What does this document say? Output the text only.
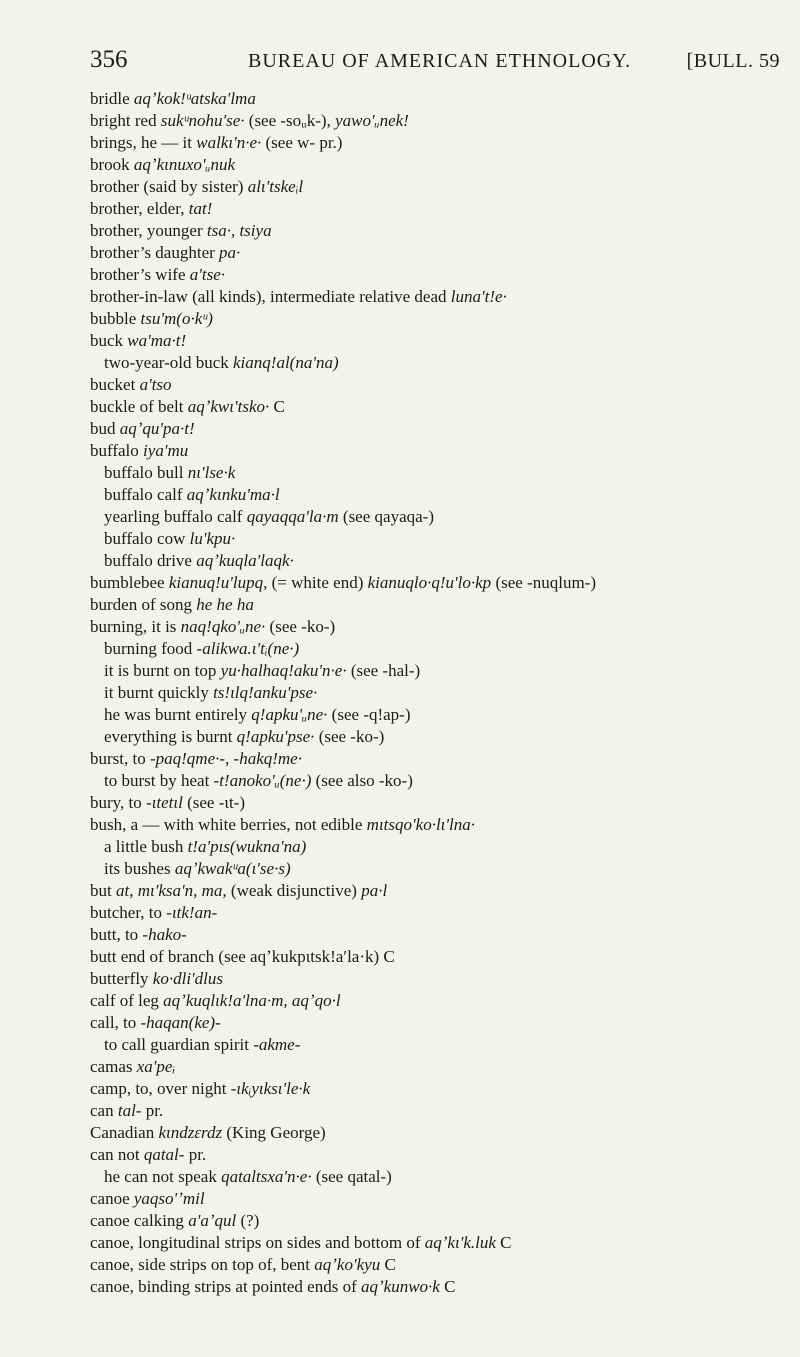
356	BUREAU OF AMERICAN ETHNOLOGY.	[BULL. 59
bridle aqʼkok!ᵘatskaʹlma
bright red sukᵘnohuʹse· (see -soᵤk-), yawoʹᵤnek!
brings, he — it walkɩʹn·e· (see w- pr.)
brook aqʼkɩnuxoʹᵤnuk
brother (said by sister) alɩʹtskeᵢl
brother, elder, tat!
brother, younger tsa·, tsiya
brother’s daughter pa·
brother’s wife aʹtse·
brother-in-law (all kinds), intermediate relative dead lunaʹt!e·
bubble tsuʹm(o·kᵘ)
buck waʹma·t!
two-year-old buck kianq!al(naʹna)
bucket aʹtso
buckle of belt aqʼkwɩʹtsko· C
bud aqʼquʹpa·t!
buffalo iyaʹmu
buffalo bull nɩʹlse·k
buffalo calf aqʼkɩnkuʹma·l
yearling buffalo calf qayaqqaʹla·m (see qayaqa-)
buffalo cow luʹkpu·
buffalo drive aqʼkuqlaʹlaqk·
bumblebee kianuq!uʹlupq, (= white end) kianuqlo·q!uʹlo·kp (see -nuqlum-)
burden of song he he ha
burning, it is naq!qkoʹᵤne· (see -ko-)
burning food -alikwa.ɩʹtᵢ(ne·)
it is burnt on top yu·halhaq!akuʹn·e· (see -hal-)
it burnt quickly ts!ɩlq!ankuʹpse·
he was burnt entirely q!apkuʹᵤne· (see -q!ap-)
everything is burnt q!apkuʹpse· (see -ko-)
burst, to -paq!qme·-, -hakq!me·
to burst by heat -t!anokoʹᵤ(ne·) (see also -ko-)
bury, to -ɩtetɩl (see -ɩt-)
bush, a — with white berries, not edible mɩtsqoʹko·lɩʹlna·
a little bush t!aʹpɩs(wuknaʹna)
its bushes aqʼkwakᵘa(ɩʹse·s)
but at, mɩʹksaʹn, ma, (weak disjunctive) pa·l
butcher, to -ɩtk!an-
butt, to -hako-
butt end of branch (see aqʼkukpɩtsk!aʹla·k) C
butterfly ko·dliʹdlus
calf of leg aqʼkuqlɩk!aʹlna·m, aqʼqo·l
call, to -haqan(ke)-
to call guardian spirit -akme-
camas xaʹpeᵢ
camp, to, over night -ɩkᵢyɩksɩʹle·k
can tal- pr.
Canadian kɩndzɛrdz (King George)
can not qatal- pr.
he can not speak qataltsxaʹn·e· (see qatal-)
canoe yaqsoʹʼmil
canoe calking aʹaʼqul (?)
canoe, longitudinal strips on sides and bottom of aqʼkɩʹk.luk C
canoe, side strips on top of, bent aqʼkoʹkyu C
canoe, binding strips at pointed ends of aqʼkunwo·k C
